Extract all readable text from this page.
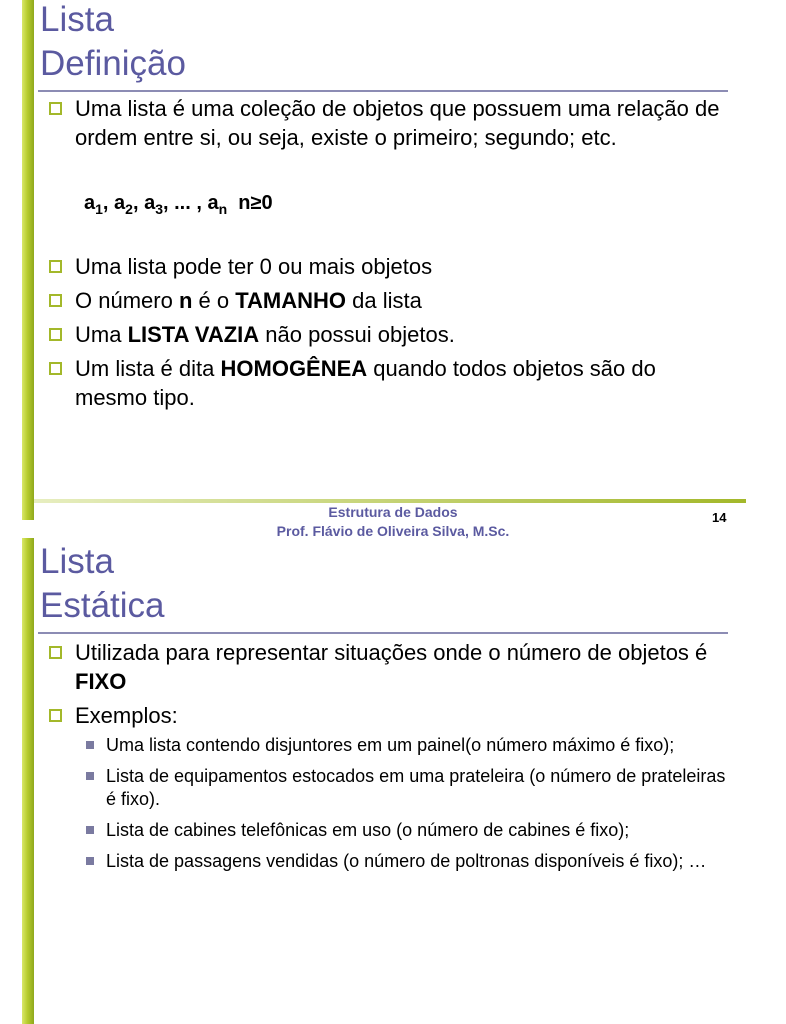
Lista
Definição
Uma lista é uma coleção de objetos que possuem uma relação de ordem entre si, ou seja, existe o primeiro; segundo; etc.
$a_1$, $a_2$, $a_3$, ... , $a_n$ n≥0
Uma lista pode ter 0 ou mais objetos
O número n é o TAMANHO da lista
Uma LISTA VAZIA não possui objetos.
Um lista é dita HOMOGÊNEA quando todos objetos são do mesmo tipo.
Estrutura de Dados
Prof. Flávio de Oliveira Silva, M.Sc.
14
Lista
Estática
Utilizada para representar situações onde o número de objetos é FIXO
Exemplos:
Uma lista contendo disjuntores em um painel(o número máximo é fixo);
Lista de equipamentos estocados em uma prateleira (o número de prateleiras é fixo).
Lista de cabines telefônicas em uso (o número de cabines é fixo);
Lista de passagens vendidas (o número de poltronas disponíveis é fixo); …
